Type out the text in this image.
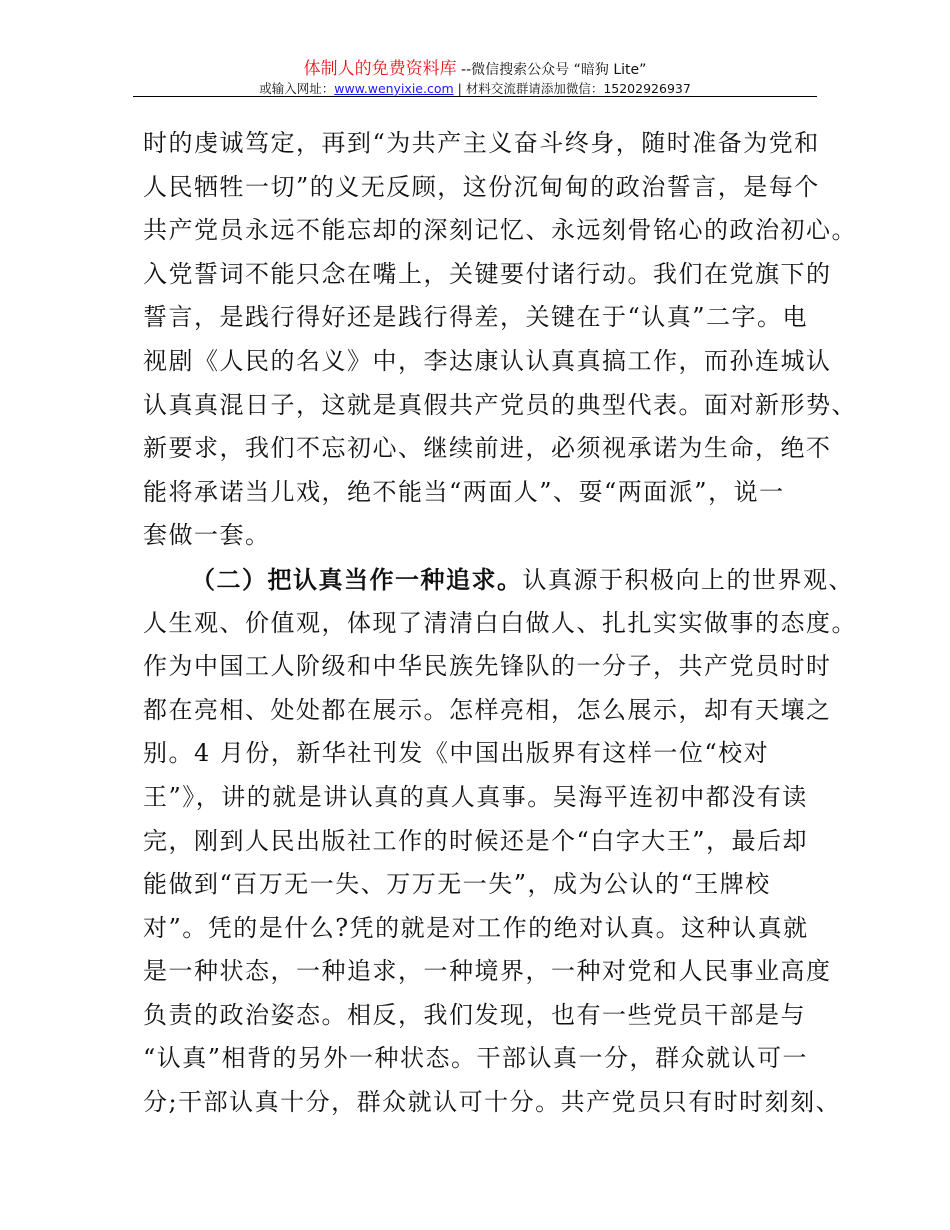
体制人的免费资料库 --微信搜索公众号 “暗狗 Lite”
或输入网址：www.wenyixie.com | 材料交流群请添加微信：15202926937
时的虔诚笃定，再到“为共产主义奋斗终身，随时准备为党和
人民牺牲一切”的义无反顾，这份沉甸甸的政治誓言，是每个
共产党员永远不能忘却的深刻记忆、永远刻骨铭心的政治初心。
入党誓词不能只念在嘴上，关键要付诸行动。我们在党旗下的
誓言，是践行得好还是践行得差，关键在于“认真”二字。电
视剧《人民的名义》中，李达康认认真真搞工作，而孙连城认
认真真混日子，这就是真假共产党员的典型代表。面对新形势、
新要求，我们不忘初心、继续前进，必须视承诺为生命，绝不
能将承诺当儿戏，绝不能当“两面人”、耍“两面派”，说一
套做一套。
（二）把认真当作一种追求。认真源于积极向上的世界观、
人生观、价值观，体现了清清白白做人、扎扎实实做事的态度。
作为中国工人阶级和中华民族先锋队的一分子，共产党员时时
都在亮相、处处都在展示。怎样亮相，怎么展示，却有天壤之
别。4 月份，新华社刊发《中国出版界有这样一位“校对
王”》，讲的就是讲认真的真人真事。吴海平连初中都没有读
完，刚到人民出版社工作的时候还是个“白字大王”，最后却
能做到“百万无一失、万万无一失”，成为公认的“王牌校
对”。凭的是什么?凭的就是对工作的绝对认真。这种认真就
是一种状态，一种追求，一种境界，一种对党和人民事业高度
负责的政治姿态。相反，我们发现，也有一些党员干部是与
“认真”相背的另外一种状态。干部认真一分，群众就认可一
分;干部认真十分，群众就认可十分。共产党员只有时时刻刻、
